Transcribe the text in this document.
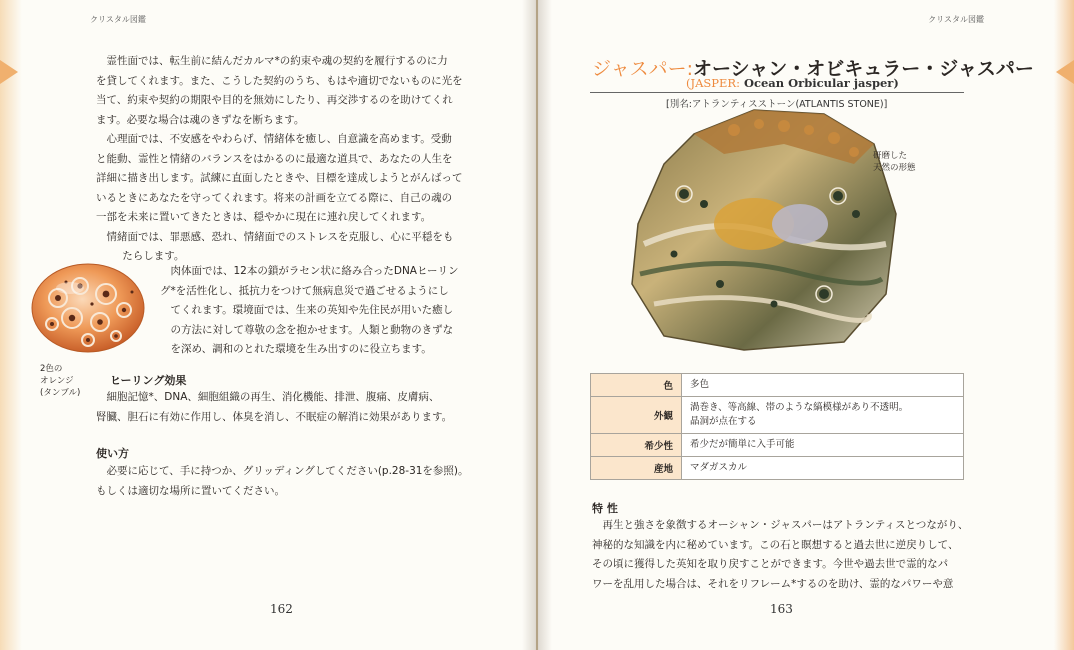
クリスタル図鑑

霊性面では、転生前に結んだカルマ*の約束や魂の契約を履行するのに力

を貸してくれます。また、こうした契約のうち、もはや適切でないものに光を

当て、約束や契約の期限や目的を無効にしたり、再交渉するのを助けてくれ

ます。必要な場合は魂のきずなを断ちます。

心理面では、不安感をやわらげ、情緒体を癒し、自意識を高めます。受動

と能動、霊性と情緒のバランスをはかるのに最適な道具で、あなたの人生を

詳細に描き出します。試練に直面したときや、目標を達成しようとがんばって

いるときにあなたを守ってくれます。将来の計画を立てる際に、自己の魂の

一部を未来に置いてきたときは、穏やかに現在に連れ戻してくれます。

情緒面では、罪悪感、恐れ、情緒面でのストレスを克服し、心に平穏をも

たらします。

肉体面では、12本の鎖がラセン状に絡み合ったDNAヒーリン

グ*を活性化し、抵抗力をつけて無病息災で過ごせるようにし

てくれます。環境面では、生来の英知や先住民が用いた癒し

の方法に対して尊敬の念を抱かせます。人類と動物のきずな

を深め、調和のとれた環境を生み出すのに役立ちます。

2色の
オレンジ
(タンブル)
ヒーリング効果

細胞記憶*、DNA、細胞組織の再生、消化機能、排泄、腹痛、皮膚病、

腎臓、胆石に有効に作用し、体臭を消し、不眠症の解消に効果があります。

使い方

必要に応じて、手に持つか、グリッディングしてください(p.28-31を参照)。

もしくは適切な場所に置いてください。

162
クリスタル図鑑
ジャスパー:オーシャン・オビキュラー・ジャスパー
(JASPER: Ocean Orbicular jasper)
[別名:アトランティスストーン(ATLANTIS STONE)]
研磨した
天然の形態
色	多色

外観	渦巻き、等高線、帯のような縞模様があり不透明。
晶洞が点在する

希少性	希少だが簡単に入手可能

産地	マダガスカル
特 性

再生と強さを象徴するオーシャン・ジャスパーはアトランティスとつながり、

神秘的な知識を内に秘めています。この石と瞑想すると過去世に逆戻りして、

その頃に獲得した英知を取り戻すことができます。今世や過去世で霊的なパ

ワーを乱用した場合は、それをリフレーム*するのを助け、霊的なパワーや意

163
